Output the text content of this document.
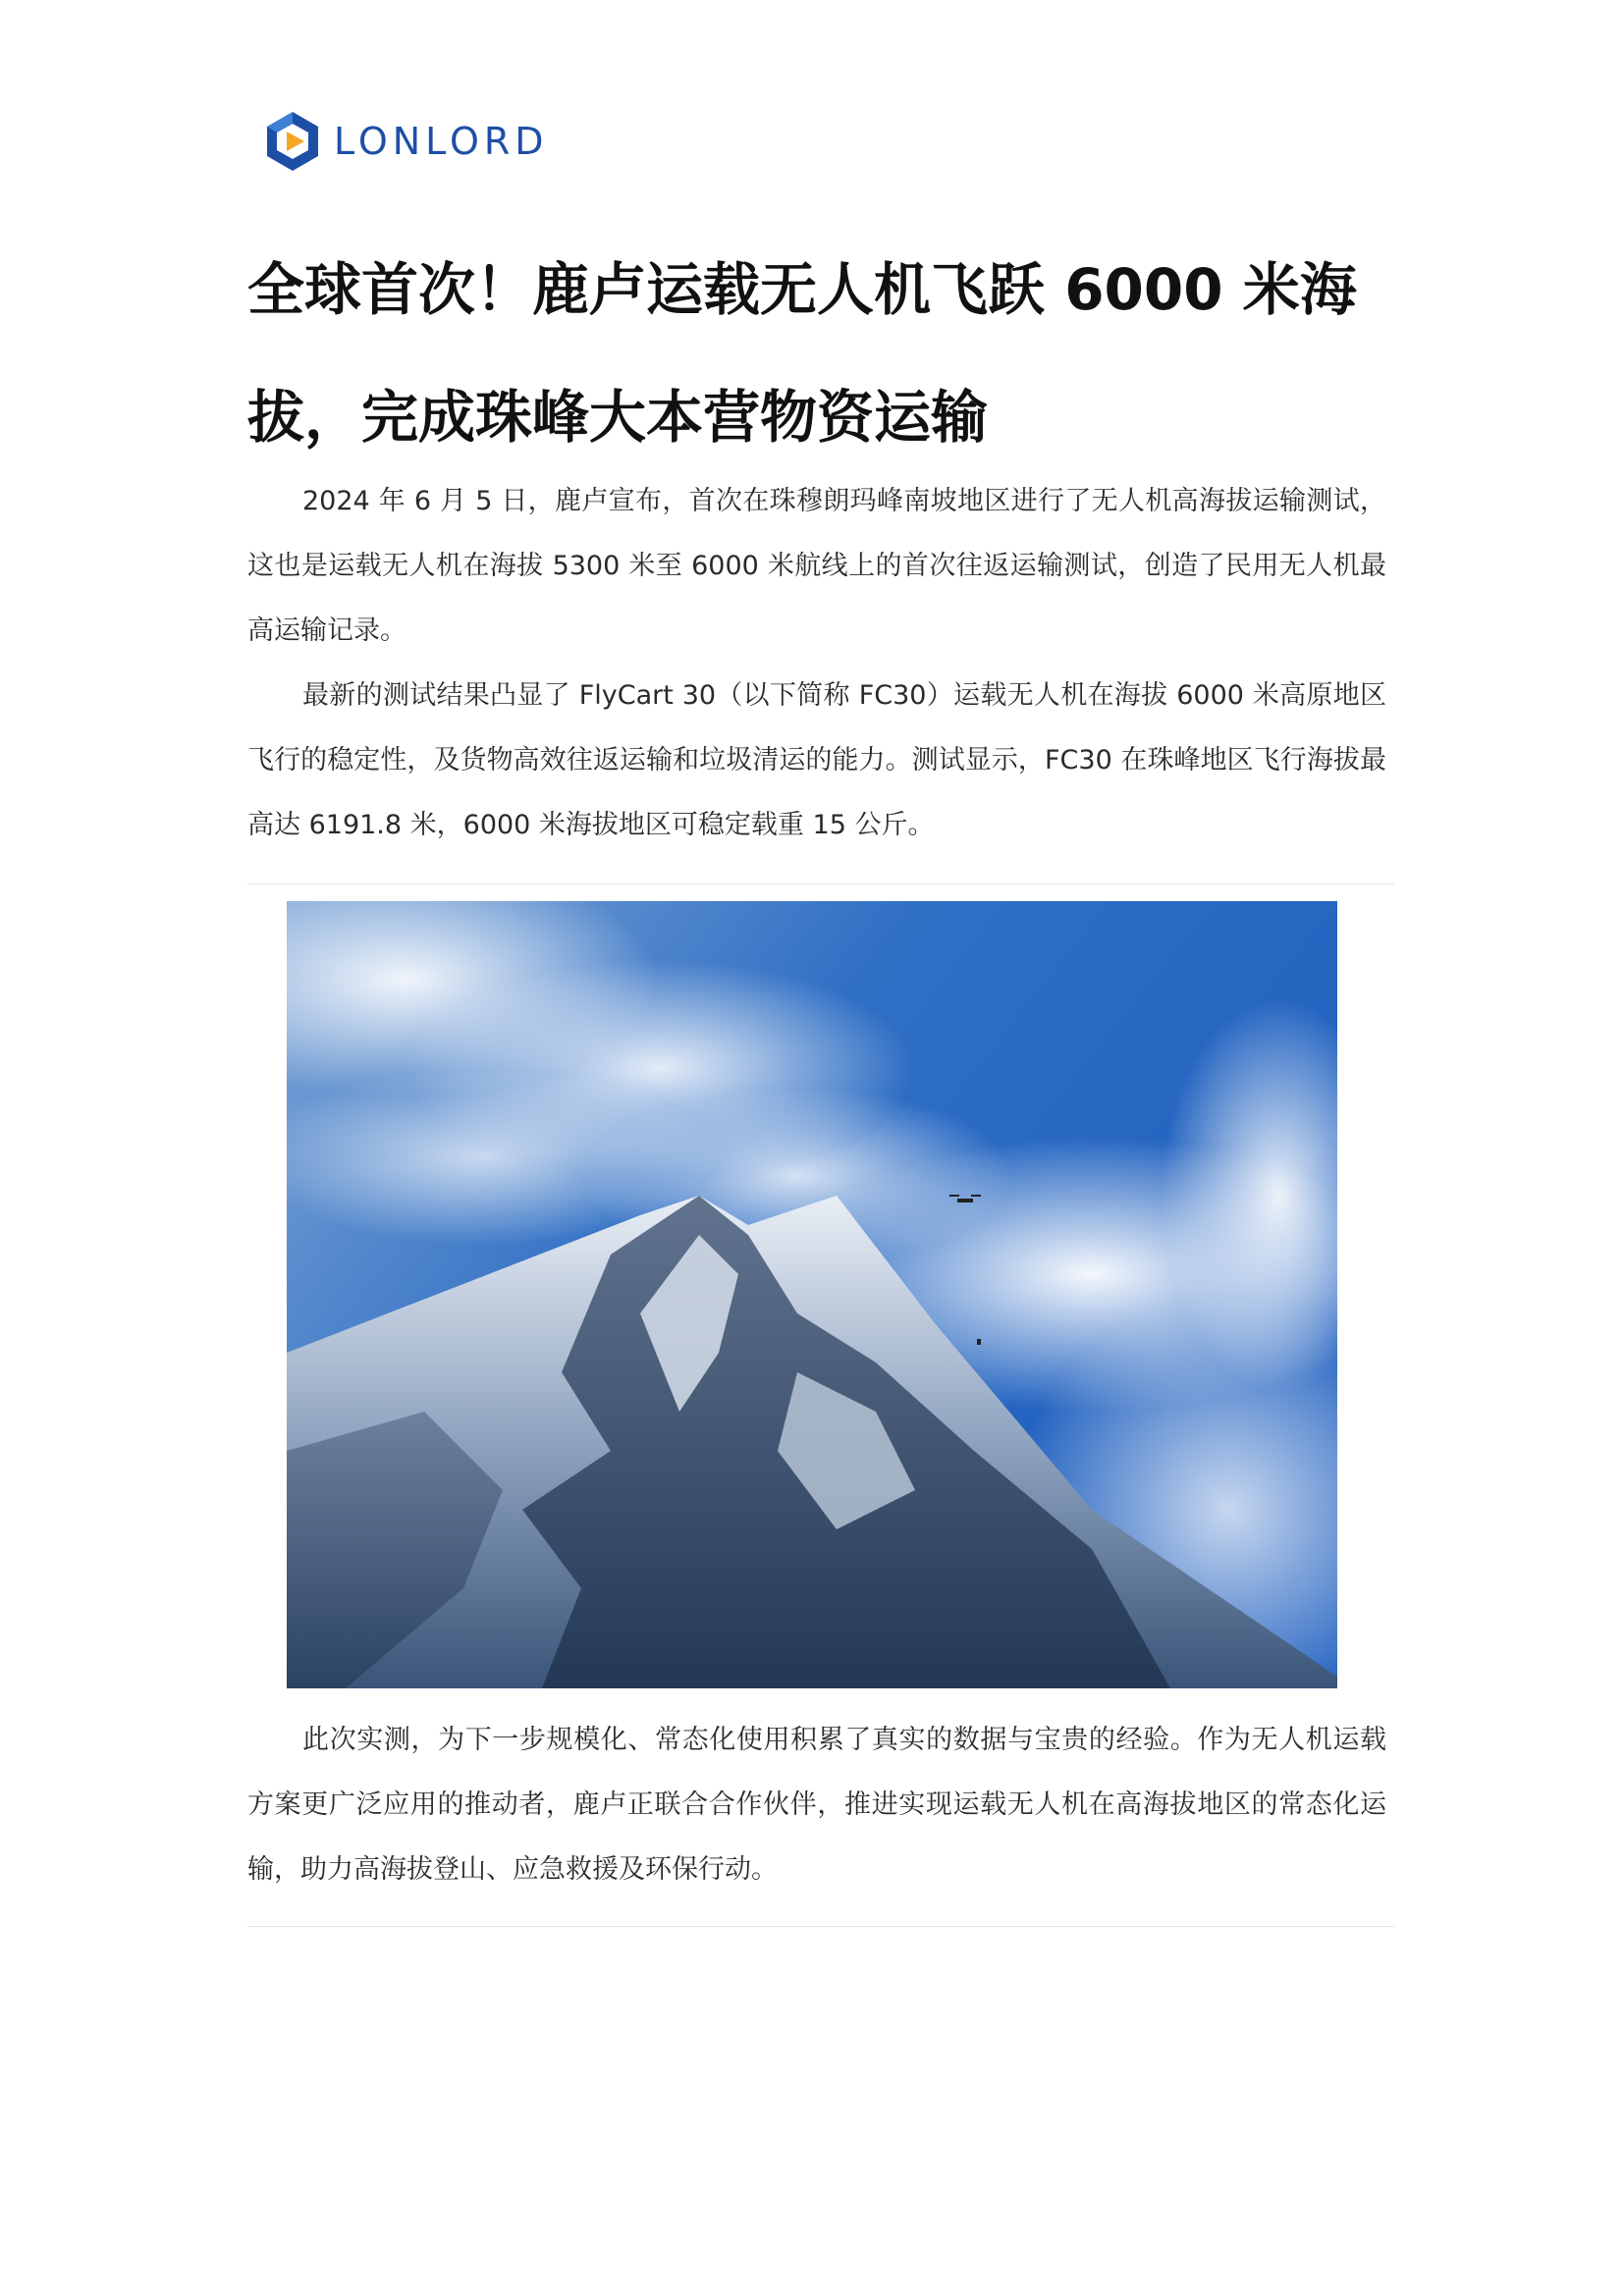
LONLORD
全球首次！鹿卢运载无人机飞跃 6000 米海拔，完成珠峰大本营物资运输

2024 年 6 月 5 日，鹿卢宣布，首次在珠穆朗玛峰南坡地区进行了无人机高海拔运输测试，这也是运载无人机在海拔 5300 米至 6000 米航线上的首次往返运输测试，创造了民用无人机最高运输记录。

最新的测试结果凸显了 FlyCart 30（以下简称 FC30）运载无人机在海拔 6000 米高原地区飞行的稳定性，及货物高效往返运输和垃圾清运的能力。测试显示，FC30 在珠峰地区飞行海拔最高达 6191.8 米，6000 米海拔地区可稳定载重 15 公斤。

此次实测，为下一步规模化、常态化使用积累了真实的数据与宝贵的经验。作为无人机运载方案更广泛应用的推动者，鹿卢正联合合作伙伴，推进实现运载无人机在高海拔地区的常态化运输，助力高海拔登山、应急救援及环保行动。
